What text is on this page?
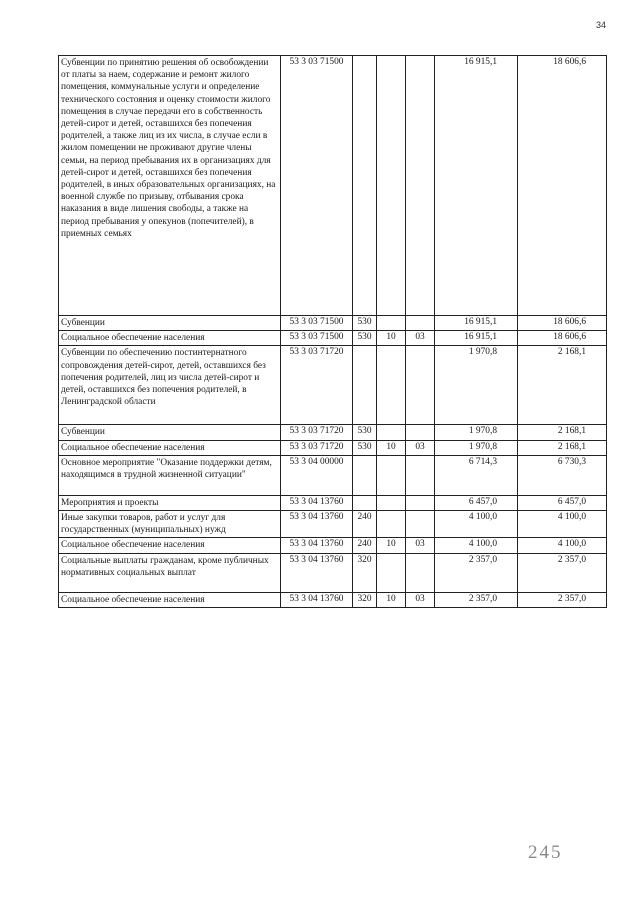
34
Субвенции по принятию решения об освобождении от платы за наем, содержание и ремонт жилого помещения, коммунальные услуги и определение технического состояния и оценку стоимости жилого помещения в случае передачи его в собственность детей-сирот и детей, оставшихся без попечения родителей, а также лиц из их числа, в случае если в жилом помещении не проживают другие члены семьи, на период пребывания их в организациях для детей-сирот и детей, оставшихся без попечения родителей, в иных образовательных организациях, на военной службе по призыву, отбывания срока наказания в виде лишения свободы, а также на период пребывания у опекунов (попечителей), в приемных семьях	53 3 03 71500				16 915,1	18 606,6
Субвенции	53 3 03 71500	530			16 915,1	18 606,6
Социальное обеспечение населения	53 3 03 71500	530	10	03	16 915,1	18 606,6
Субвенции по обеспечению постинтернатного сопровождения детей-сирот, детей, оставшихся без попечения родителей, лиц из числа детей-сирот и детей, оставшихся без попечения родителей, в Ленинградской области	53 3 03 71720				1 970,8	2 168,1
Субвенции	53 3 03 71720	530			1 970,8	2 168,1
Социальное обеспечение населения	53 3 03 71720	530	10	03	1 970,8	2 168,1
Основное мероприятие "Оказание поддержки детям, находящимся в трудной жизненной ситуации"	53 3 04 00000				6 714,3	6 730,3
Мероприятия и проекты	53 3 04 13760				6 457,0	6 457,0
Иные закупки товаров, работ и услуг для государственных (муниципальных) нужд	53 3 04 13760	240			4 100,0	4 100,0
Социальное обеспечение населения	53 3 04 13760	240	10	03	4 100,0	4 100,0
Социальные выплаты гражданам, кроме публичных нормативных социальных выплат	53 3 04 13760	320			2 357,0	2 357,0
Социальное обеспечение населения	53 3 04 13760	320	10	03	2 357,0	2 357,0
245
